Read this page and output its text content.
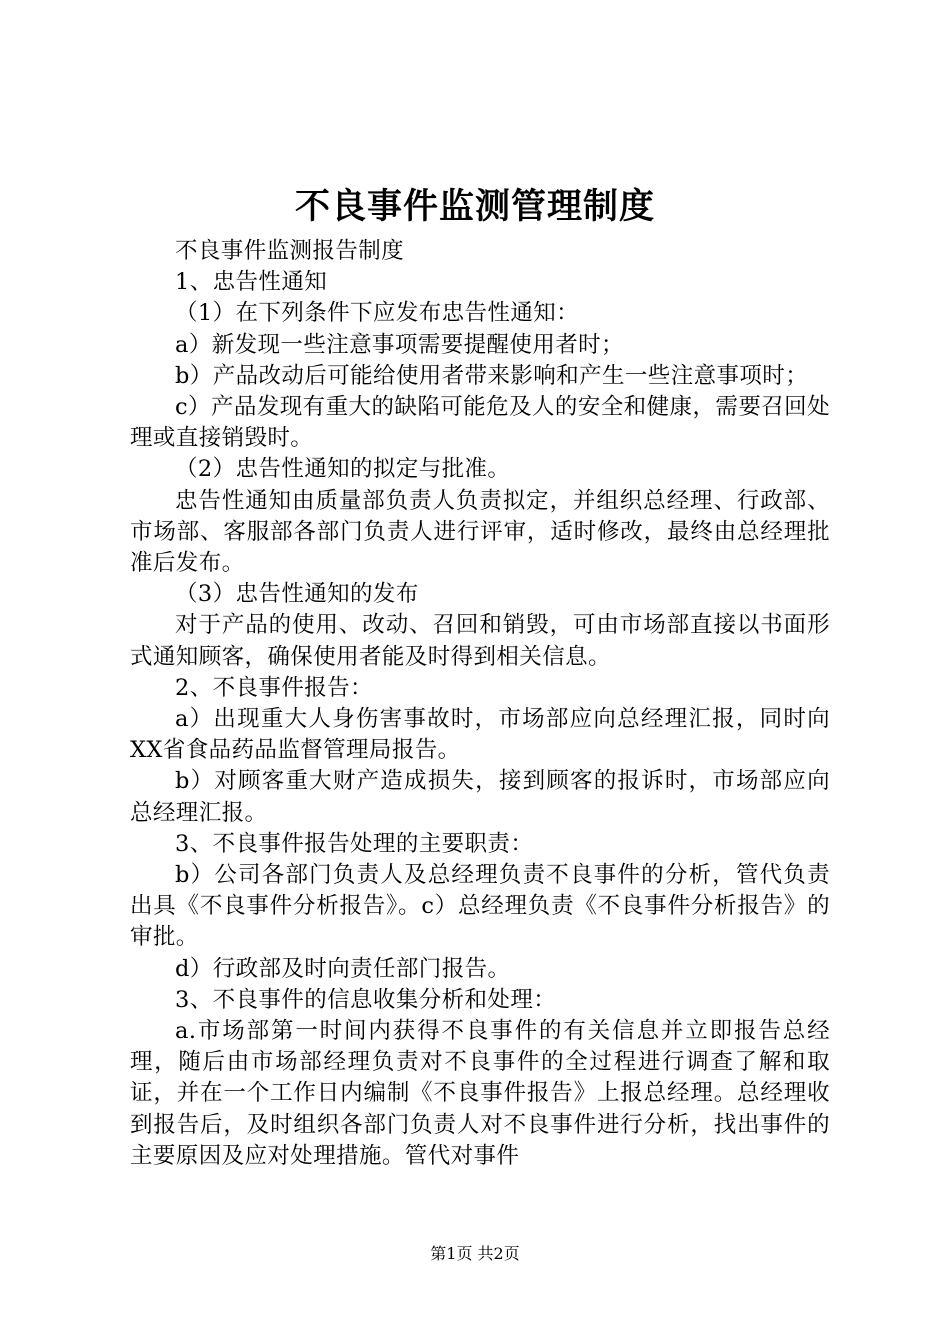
不良事件监测管理制度

不良事件监测报告制度

1、忠告性通知

（1）在下列条件下应发布忠告性通知：

a）新发现一些注意事项需要提醒使用者时；

b）产品改动后可能给使用者带来影响和产生一些注意事项时；

c）产品发现有重大的缺陷可能危及人的安全和健康，需要召回处理或直接销毁时。

（2）忠告性通知的拟定与批准。

忠告性通知由质量部负责人负责拟定，并组织总经理、行政部、市场部、客服部各部门负责人进行评审，适时修改，最终由总经理批准后发布。

（3）忠告性通知的发布

对于产品的使用、改动、召回和销毁，可由市场部直接以书面形式通知顾客，确保使用者能及时得到相关信息。

2、不良事件报告：

a）出现重大人身伤害事故时，市场部应向总经理汇报，同时向XX省食品药品监督管理局报告。

b）对顾客重大财产造成损失，接到顾客的报诉时，市场部应向总经理汇报。

3、不良事件报告处理的主要职责：

b）公司各部门负责人及总经理负责不良事件的分析，管代负责出具《不良事件分析报告》。c）总经理负责《不良事件分析报告》的审批。

d）行政部及时向责任部门报告。

3、不良事件的信息收集分析和处理：

a.市场部第一时间内获得不良事件的有关信息并立即报告总经理，随后由市场部经理负责对不良事件的全过程进行调查了解和取证，并在一个工作日内编制《不良事件报告》上报总经理。总经理收到报告后，及时组织各部门负责人对不良事件进行分析，找出事件的主要原因及应对处理措施。管代对事件

第1页 共2页
